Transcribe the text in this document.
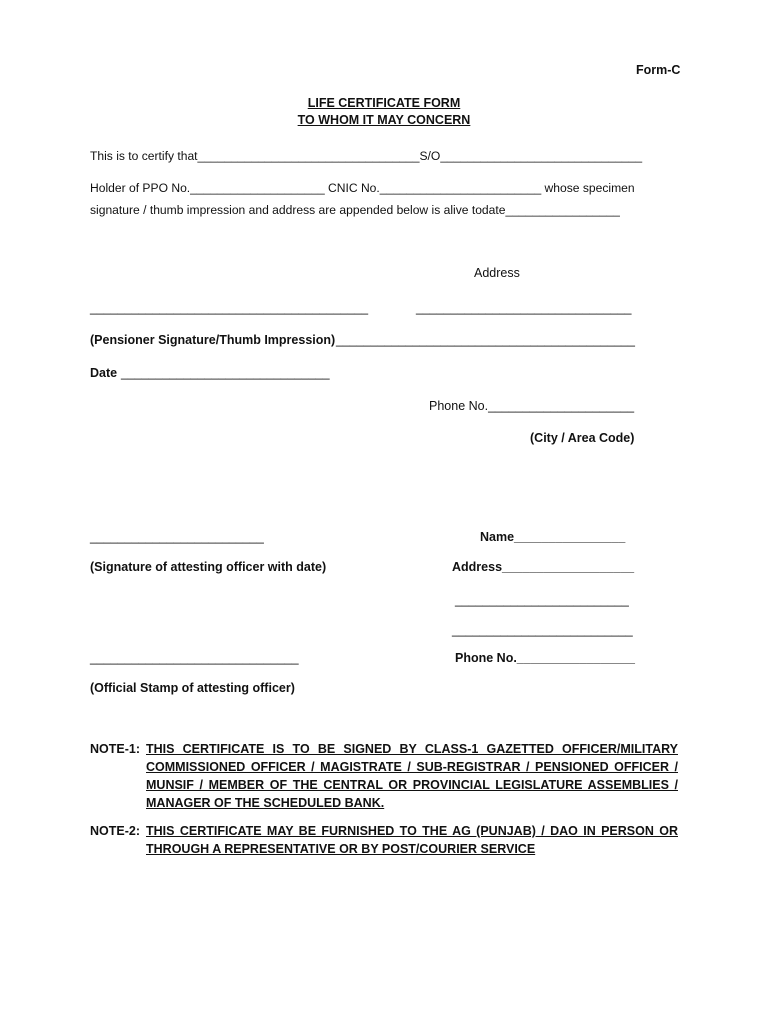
Form-C
LIFE CERTIFICATE FORM
TO WHOM IT MAY CONCERN
This is to certify that_________________________________S/O______________________________
Holder of PPO No.____________________ CNIC No.________________________ whose specimen
signature / thumb impression and address are appended below is alive todate_________________
Address
________________________________________	_______________________________
(Pensioner Signature/Thumb Impression) ___________________________________________
Date ______________________________
Phone No._____________________
(City / Area Code)
_________________________	Name________________
(Signature of attesting officer with date)	Address___________________
_________________________
__________________________
______________________________	Phone No._________________
(Official Stamp of attesting officer)
NOTE-1: THIS CERTIFICATE IS TO BE SIGNED BY CLASS-1 GAZETTED OFFICER/MILITARY COMMISSIONED OFFICER / MAGISTRATE / SUB-REGISTRAR / PENSIONED OFFICER / MUNSIF / MEMBER OF THE CENTRAL OR PROVINCIAL LEGISLATURE ASSEMBLIES / MANAGER OF THE SCHEDULED BANK.
NOTE-2: THIS CERTIFICATE MAY BE FURNISHED TO THE AG (PUNJAB) / DAO IN PERSON OR THROUGH A REPRESENTATIVE OR BY POST/COURIER SERVICE
